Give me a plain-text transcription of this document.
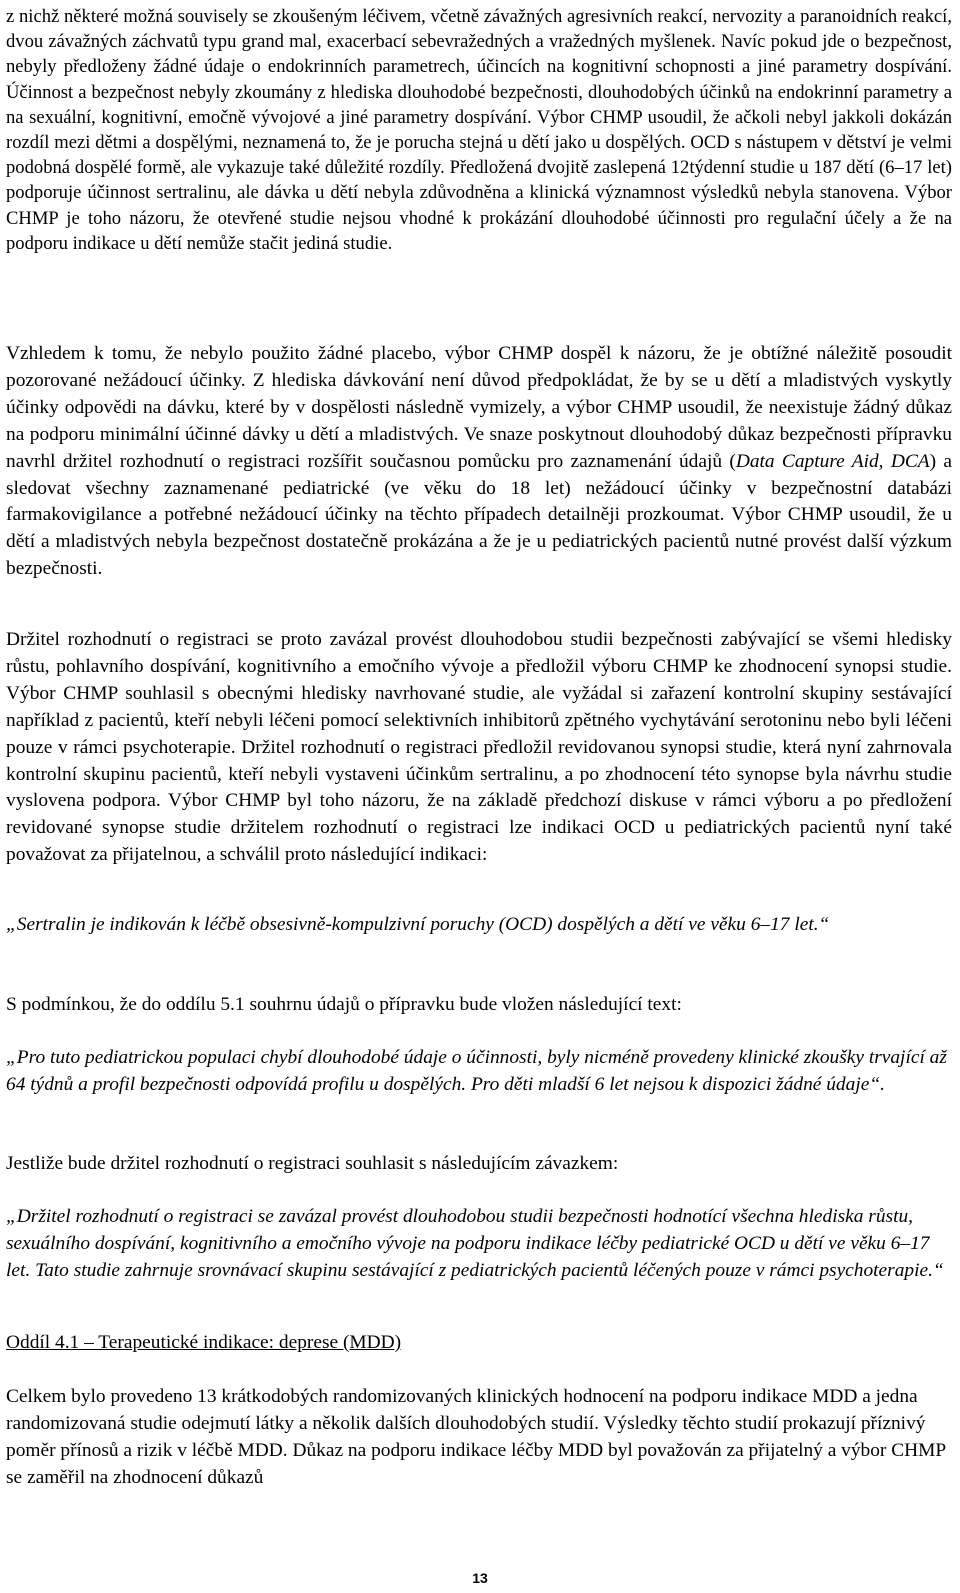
z nichž některé možná souvisely se zkoušeným léčivem, včetně závažných agresivních reakcí, nervozity a paranoidních reakcí, dvou závažných záchvatů typu grand mal, exacerbací sebevražedných a vražedných myšlenek. Navíc pokud jde o bezpečnost, nebyly předloženy žádné údaje o endokrinních parametrech, účincích na kognitivní schopnosti a jiné parametry dospívání. Účinnost a bezpečnost nebyly zkoumány z hlediska dlouhodobé bezpečnosti, dlouhodobých účinků na endokrinní parametry a na sexuální, kognitivní, emočně vývojové a jiné parametry dospívání. Výbor CHMP usoudil, že ačkoli nebyl jakkoli dokázán rozdíl mezi dětmi a dospělými, neznamená to, že je porucha stejná u dětí jako u dospělých. OCD s nástupem v dětství je velmi podobná dospělé formě, ale vykazuje také důležité rozdíly. Předložená dvojitě zaslepená 12týdenní studie u 187 dětí (6–17 let) podporuje účinnost sertralinu, ale dávka u dětí nebyla zdůvodněna a klinická významnost výsledků nebyla stanovena. Výbor CHMP je toho názoru, že otevřené studie nejsou vhodné k prokázání dlouhodobé účinnosti pro regulační účely a že na podporu indikace u dětí nemůže stačit jediná studie.

Vzhledem k tomu, že nebylo použito žádné placebo, výbor CHMP dospěl k názoru, že je obtížné náležitě posoudit pozorované nežádoucí účinky. Z hlediska dávkování není důvod předpokládat, že by se u dětí a mladistvých vyskytly účinky odpovědi na dávku, které by v dospělosti následně vymizely, a výbor CHMP usoudil, že neexistuje žádný důkaz na podporu minimální účinné dávky u dětí a mladistvých. Ve snaze poskytnout dlouhodobý důkaz bezpečnosti přípravku navrhl držitel rozhodnutí o registraci rozšířit současnou pomůcku pro zaznamenání údajů (Data Capture Aid, DCA) a sledovat všechny zaznamenané pediatrické (ve věku do 18 let) nežádoucí účinky v bezpečnostní databázi farmakovigilance a potřebné nežádoucí účinky na těchto případech detailněji prozkoumat. Výbor CHMP usoudil, že u dětí a mladistvých nebyla bezpečnost dostatečně prokázána a že je u pediatrických pacientů nutné provést další výzkum bezpečnosti.

Držitel rozhodnutí o registraci se proto zavázal provést dlouhodobou studii bezpečnosti zabývající se všemi hledisky růstu, pohlavního dospívání, kognitivního a emočního vývoje a předložil výboru CHMP ke zhodnocení synopsi studie. Výbor CHMP souhlasil s obecnými hledisky navrhované studie, ale vyžádal si zařazení kontrolní skupiny sestávající například z pacientů, kteří nebyli léčeni pomocí selektivních inhibitorů zpětného vychytávání serotoninu nebo byli léčeni pouze v rámci psychoterapie. Držitel rozhodnutí o registraci předložil revidovanou synopsi studie, která nyní zahrnovala kontrolní skupinu pacientů, kteří nebyli vystaveni účinkům sertralinu, a po zhodnocení této synopse byla návrhu studie vyslovena podpora. Výbor CHMP byl toho názoru, že na základě předchozí diskuse v rámci výboru a po předložení revidované synopse studie držitelem rozhodnutí o registraci lze indikaci OCD u pediatrických pacientů nyní také považovat za přijatelnou, a schválil proto následující indikaci:

„Sertralin je indikován k léčbě obsesivně-kompulzivní poruchy (OCD) dospělých a dětí ve věku 6–17 let.“

S podmínkou, že do oddílu 5.1 souhrnu údajů o přípravku bude vložen následující text:

„Pro tuto pediatrickou populaci chybí dlouhodobé údaje o účinnosti, byly nicméně provedeny klinické zkoušky trvající až 64 týdnů a profil bezpečnosti odpovídá profilu u dospělých. Pro děti mladší 6 let nejsou k dispozici žádné údaje“.

Jestliže bude držitel rozhodnutí o registraci souhlasit s následujícím závazkem:

„Držitel rozhodnutí o registraci se zavázal provést dlouhodobou studii bezpečnosti hodnotící všechna hlediska růstu, sexuálního dospívání, kognitivního a emočního vývoje na podporu indikace léčby pediatrické OCD u dětí ve věku 6–17 let. Tato studie zahrnuje srovnávací skupinu sestávající z pediatrických pacientů léčených pouze v rámci psychoterapie.“

Oddíl 4.1 – Terapeutické indikace: deprese (MDD)

Celkem bylo provedeno 13 krátkodobých randomizovaných klinických hodnocení na podporu indikace MDD a jedna randomizovaná studie odejmutí látky a několik dalších dlouhodobých studií. Výsledky těchto studií prokazují příznivý poměr přínosů a rizik v léčbě MDD. Důkaz na podporu indikace léčby MDD byl považován za přijatelný a výbor CHMP se zaměřil na zhodnocení důkazů

13
